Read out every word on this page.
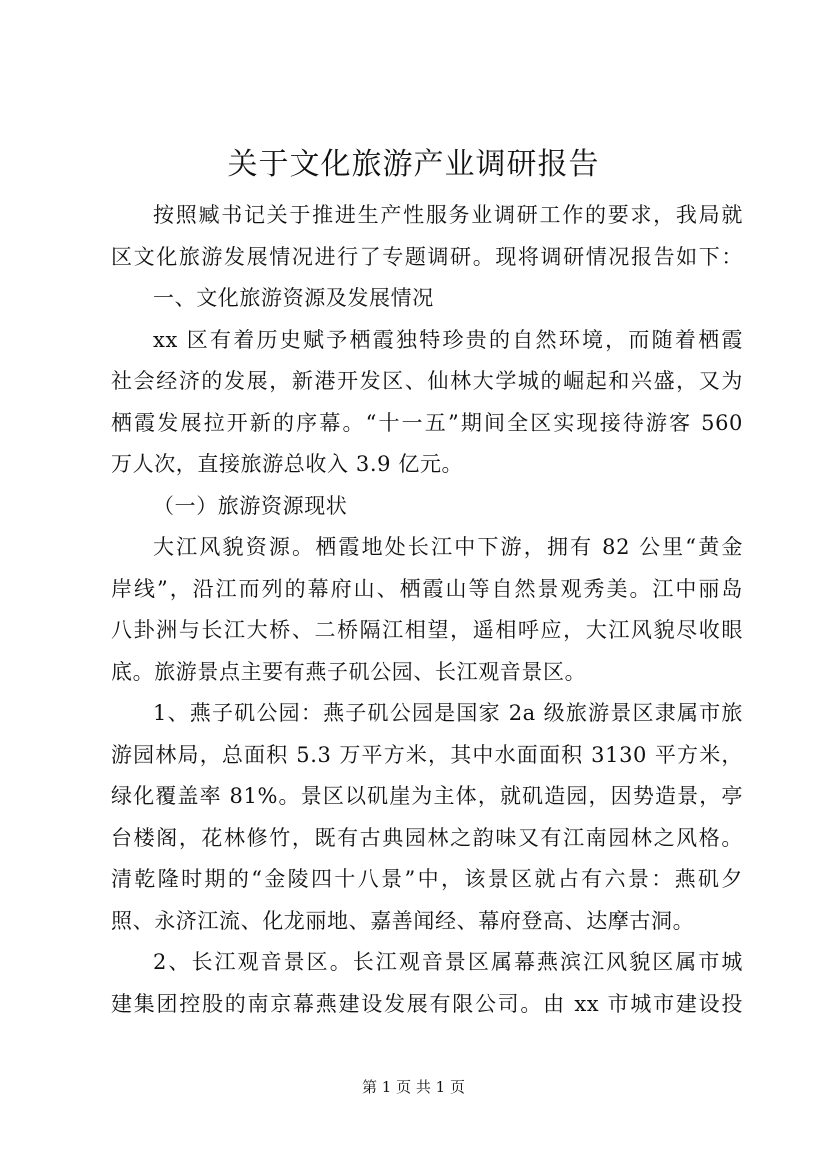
关于文化旅游产业调研报告
按照臧书记关于推进生产性服务业调研工作的要求，我局就
区文化旅游发展情况进行了专题调研。现将调研情况报告如下：
一、文化旅游资源及发展情况
xx 区有着历史赋予栖霞独特珍贵的自然环境，而随着栖霞
社会经济的发展，新港开发区、仙林大学城的崛起和兴盛，又为
栖霞发展拉开新的序幕。“十一五”期间全区实现接待游客 560
万人次，直接旅游总收入 3.9 亿元。
（一）旅游资源现状
大江风貌资源。栖霞地处长江中下游，拥有 82 公里“黄金
岸线”，沿江而列的幕府山、栖霞山等自然景观秀美。江中丽岛
八卦洲与长江大桥、二桥隔江相望，遥相呼应，大江风貌尽收眼
底。旅游景点主要有燕子矶公园、长江观音景区。
1、燕子矶公园：燕子矶公园是国家 2a 级旅游景区隶属市旅
游园林局，总面积 5.3 万平方米，其中水面面积 3130 平方米，
绿化覆盖率 81%。景区以矶崖为主体，就矶造园，因势造景，亭
台楼阁，花林修竹，既有古典园林之韵味又有江南园林之风格。
清乾隆时期的“金陵四十八景”中，该景区就占有六景：燕矶夕
照、永济江流、化龙丽地、嘉善闻经、幕府登高、达摩古洞。
2、长江观音景区。长江观音景区属幕燕滨江风貌区属市城
建集团控股的南京幕燕建设发展有限公司。由 xx 市城市建设投
第 1 页 共 1 页
